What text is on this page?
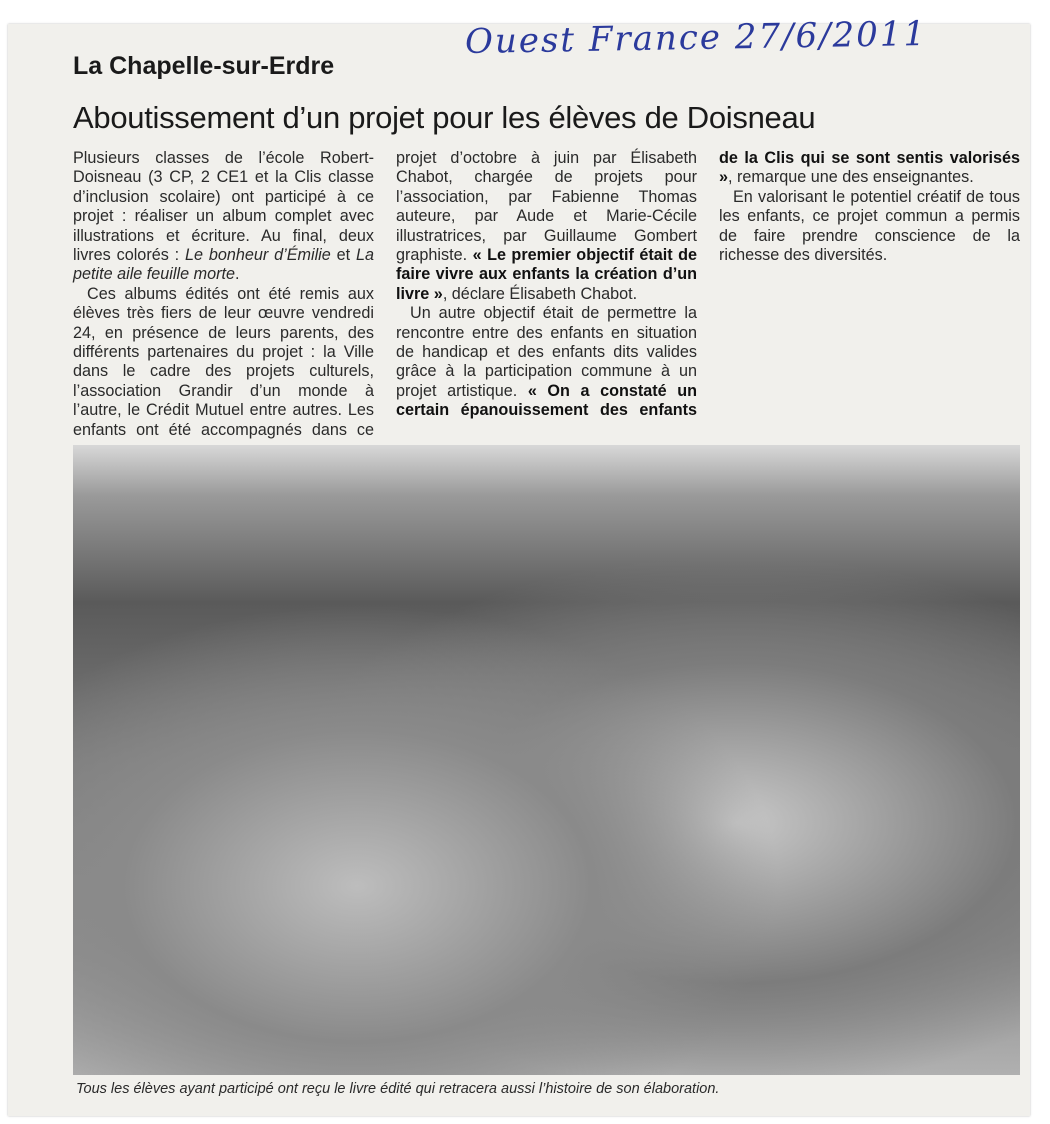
Ouest France 27/6/2011
La Chapelle-sur-Erdre
Aboutissement d’un projet pour les élèves de Doisneau

Plusieurs classes de l’école Robert-Doisneau (3 CP, 2 CE1 et la Clis classe d’inclusion scolaire) ont participé à ce projet : réaliser un album complet avec illustrations et écriture. Au final, deux livres colorés : Le bonheur d’Émilie et La petite aile feuille morte.

Ces albums édités ont été remis aux élèves très fiers de leur œuvre vendredi 24, en présence de leurs parents, des différents partenaires du projet : la Ville dans le cadre des projets culturels, l’association Grandir d’un monde à l’autre, le Crédit Mutuel entre autres. Les enfants ont été accompagnés dans ce projet d’octobre à juin par Élisabeth Chabot, chargée de projets pour l’association, par Fabienne Thomas auteure, par Aude et Marie-Cécile illustratrices, par Guillaume Gombert graphiste. « Le premier objectif était de faire vivre aux enfants la création d’un livre », déclare Élisabeth Chabot.

Un autre objectif était de permettre la rencontre entre des enfants en situation de handicap et des enfants dits valides grâce à la participation commune à un projet artistique. « On a constaté un certain épanouissement des enfants de la Clis qui se sont sentis valorisés », remarque une des enseignantes.

En valorisant le potentiel créatif de tous les enfants, ce projet commun a permis de faire prendre conscience de la richesse des diversités.

Tous les élèves ayant participé ont reçu le livre édité qui retracera aussi l’histoire de son élaboration.
